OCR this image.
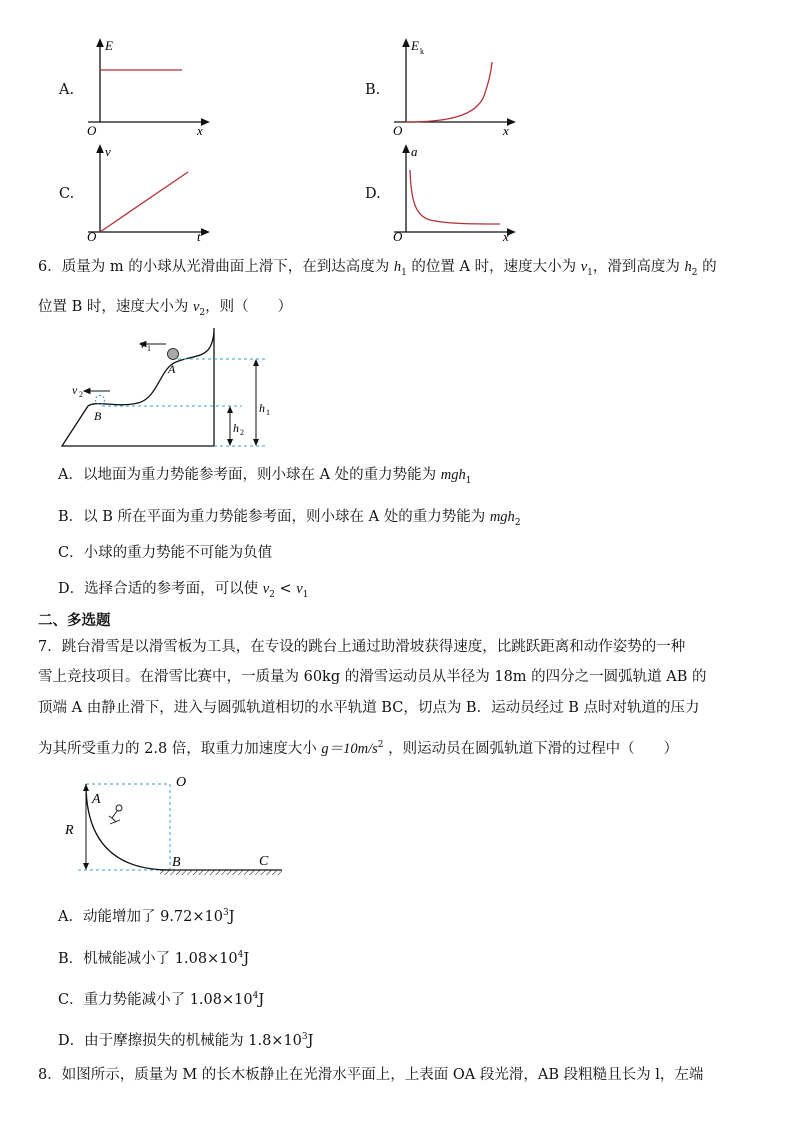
A.	B.
C.	D.
E
O	x
E k
O	x
v
O	t
a
O	x
6．质量为 m 的小球从光滑曲面上滑下，在到达高度为 $h_1$ 的位置 A 时，速度大小为 $v_1$，滑到高度为 $h_2$ 的
位置 B 时，速度大小为 $v_2$，则（　　）
v 1
A
v 2
B
h 1
h 2
A．以地面为重力势能参考面，则小球在 A 处的重力势能为 mgh$_1$
B．以 B 所在平面为重力势能参考面，则小球在 A 处的重力势能为 mgh$_2$
C．小球的重力势能不可能为负值
D．选择合适的参考面，可以使 $v_2 < v_1$
二、多选题
7．跳台滑雪是以滑雪板为工具，在专设的跳台上通过助滑坡获得速度，比跳跃距离和动作姿势的一种
雪上竞技项目。在滑雪比赛中，一质量为 60kg 的滑雪运动员从半径为 18m 的四分之一圆弧轨道 AB 的
顶端 A 由静止滑下，进入与圆弧轨道相切的水平轨道 BC，切点为 B．运动员经过 B 点时对轨道的压力
为其所受重力的 2.8 倍，取重力加速度大小 $g=10m/s^2$ ，则运动员在圆弧轨道下滑的过程中（　　）
O
A
R
B	C
A．动能增加了 $9.72\times 10^3J$
B．机械能减小了 $1.08\times 10^4J$
C．重力势能减小了 $1.08\times 10^4J$
D．由于摩擦损失的机械能为 $1.8\times 10^3J$
8．如图所示，质量为 M 的长木板静止在光滑水平面上，上表面 OA 段光滑，AB 段粗糙且长为 l，左端
